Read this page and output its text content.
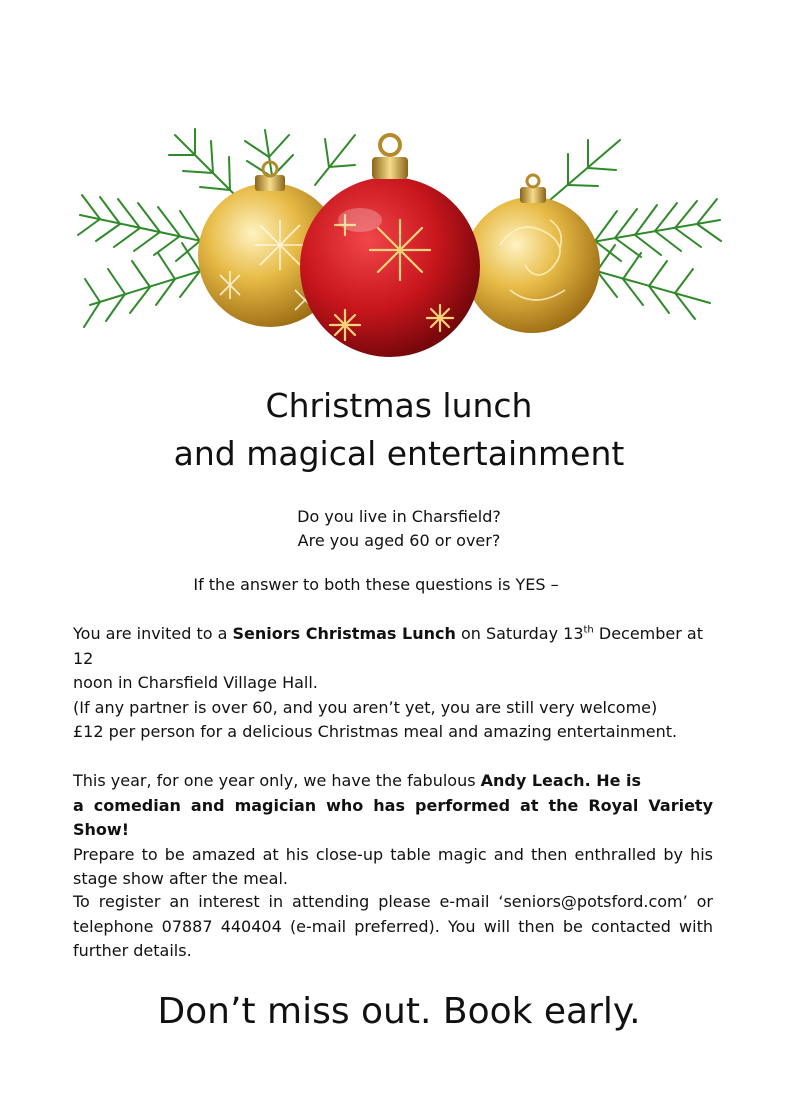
Christmas lunch
and magical entertainment
Do you live in Charsfield?
Are you aged 60 or over?
If the answer to both these questions is YES –
You are invited to a Seniors Christmas Lunch on Saturday 13th December at 12
noon in Charsfield Village Hall.
(If any partner is over 60, and you aren’t yet, you are still very welcome)
£12 per person for a delicious Christmas meal and amazing entertainment.
This year, for one year only, we have the fabulous Andy Leach. He is
a comedian and magician who has performed at the Royal Variety Show!
Prepare to be amazed at his close-up table magic and then enthralled by his
stage show after the meal.
To register an interest in attending please e-mail ‘seniors@potsford.com’ or
telephone 07887 440404 (e-mail preferred). You will then be contacted with
further details.
Don’t miss out. Book early.
